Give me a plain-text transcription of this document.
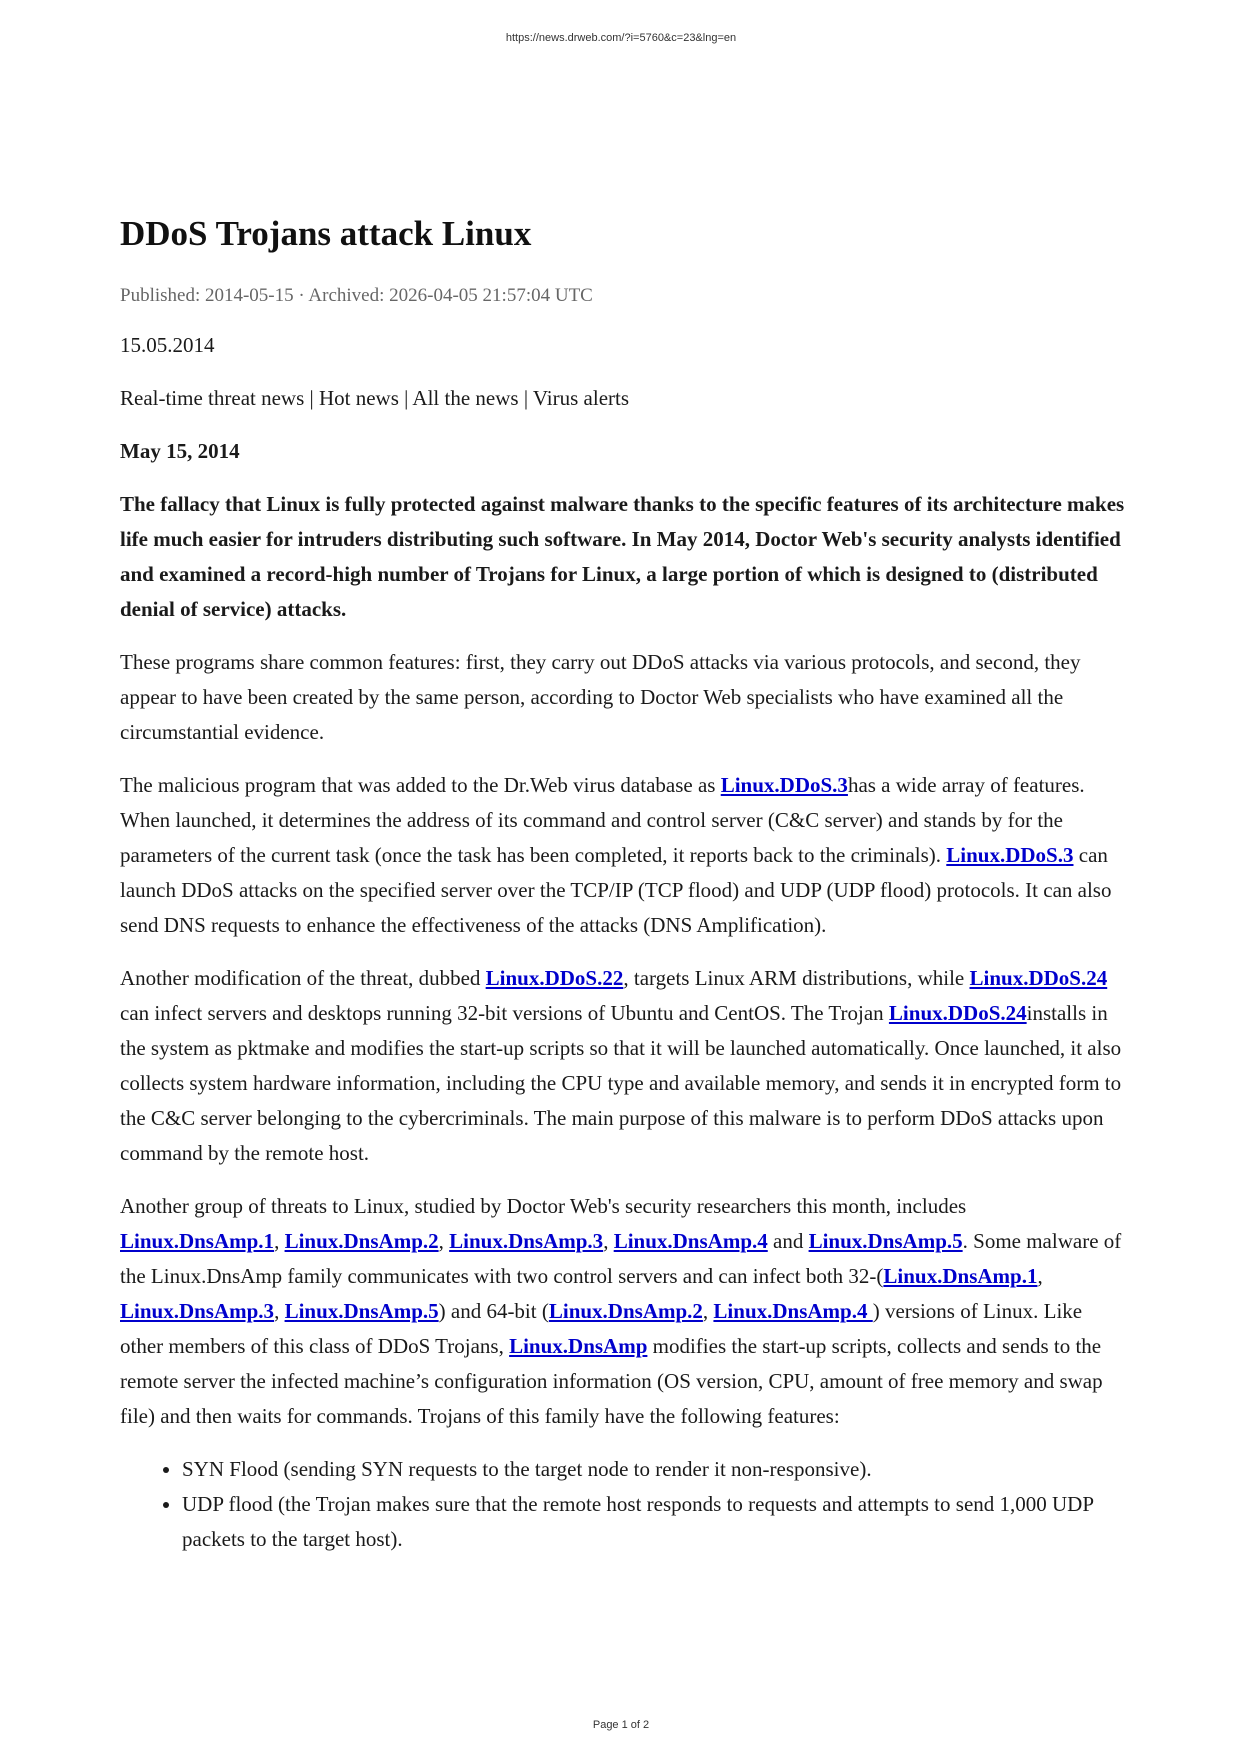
https://news.drweb.com/?i=5760&c=23&lng=en
DDoS Trojans attack Linux

Published: 2014-05-15 · Archived: 2026-04-05 21:57:04 UTC

15.05.2014

Real-time threat news | Hot news | All the news | Virus alerts

May 15, 2014

The fallacy that Linux is fully protected against malware thanks to the specific features of its architecture makes life much easier for intruders distributing such software. In May 2014, Doctor Web's security analysts identified and examined a record-high number of Trojans for Linux, a large portion of which is designed to (distributed denial of service) attacks.

These programs share common features: first, they carry out DDoS attacks via various protocols, and second, they appear to have been created by the same person, according to Doctor Web specialists who have examined all the circumstantial evidence.

The malicious program that was added to the Dr.Web virus database as Linux.DDoS.3has a wide array of features. When launched, it determines the address of its command and control server (C&C server) and stands by for the parameters of the current task (once the task has been completed, it reports back to the criminals). Linux.DDoS.3 can launch DDoS attacks on the specified server over the TCP/IP (TCP flood) and UDP (UDP flood) protocols. It can also send DNS requests to enhance the effectiveness of the attacks (DNS Amplification).

Another modification of the threat, dubbed Linux.DDoS.22, targets Linux ARM distributions, while Linux.DDoS.24 can infect servers and desktops running 32-bit versions of Ubuntu and CentOS. The Trojan Linux.DDoS.24installs in the system as pktmake and modifies the start-up scripts so that it will be launched automatically. Once launched, it also collects system hardware information, including the CPU type and available memory, and sends it in encrypted form to the C&C server belonging to the cybercriminals. The main purpose of this malware is to perform DDoS attacks upon command by the remote host.

Another group of threats to Linux, studied by Doctor Web's security researchers this month, includes Linux.DnsAmp.1, Linux.DnsAmp.2, Linux.DnsAmp.3, Linux.DnsAmp.4 and Linux.DnsAmp.5. Some malware of the Linux.DnsAmp family communicates with two control servers and can infect both 32-(Linux.DnsAmp.1, Linux.DnsAmp.3, Linux.DnsAmp.5) and 64-bit (Linux.DnsAmp.2, Linux.DnsAmp.4 ) versions of Linux. Like other members of this class of DDoS Trojans, Linux.DnsAmp modifies the start-up scripts, collects and sends to the remote server the infected machine’s configuration information (OS version, CPU, amount of free memory and swap file) and then waits for commands. Trojans of this family have the following features:

• SYN Flood (sending SYN requests to the target node to render it non-responsive).
• UDP flood (the Trojan makes sure that the remote host responds to requests and attempts to send 1,000 UDP packets to the target host).
Page 1 of 2
